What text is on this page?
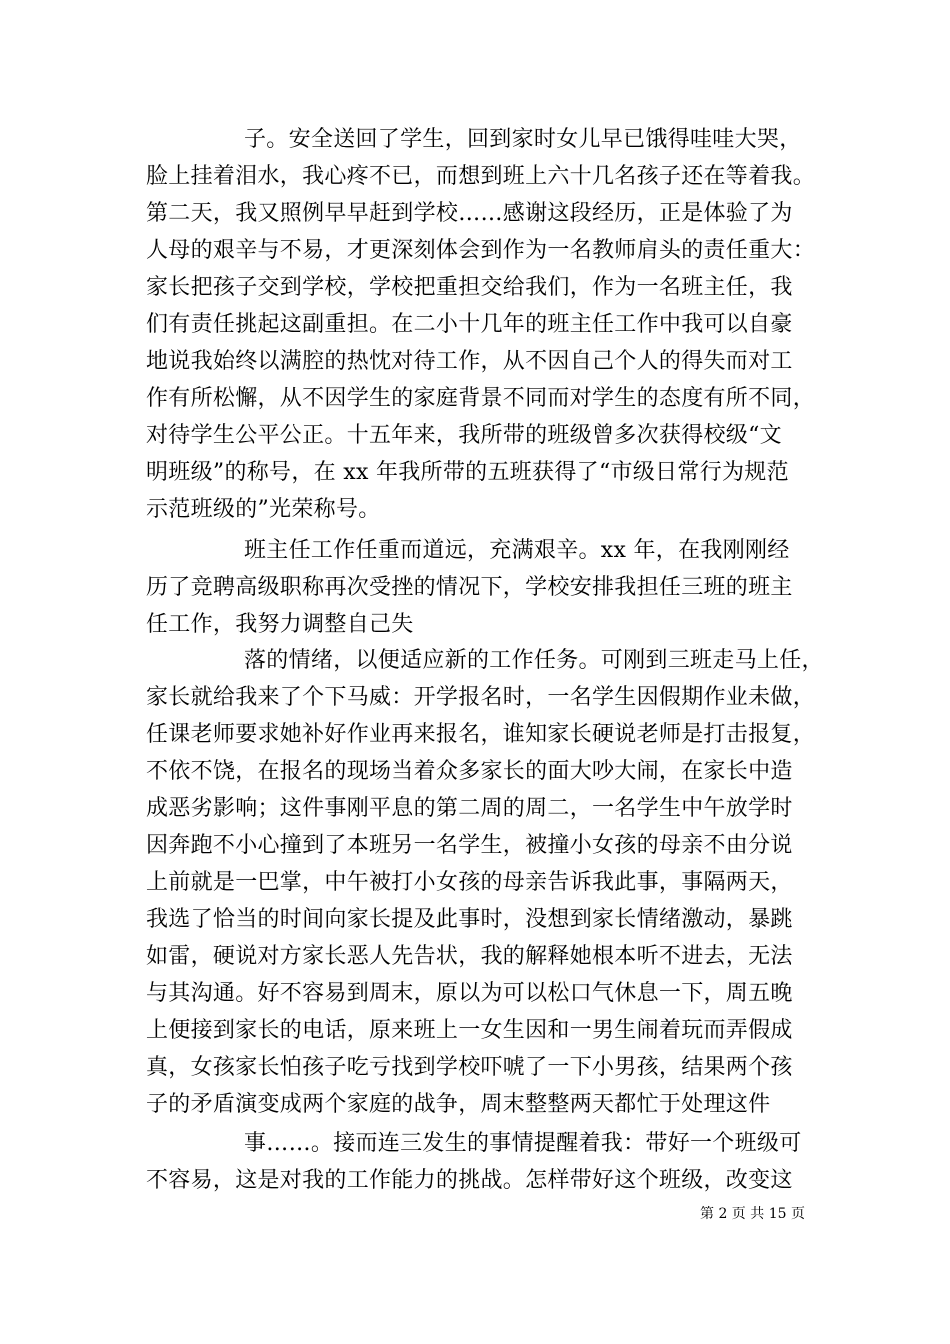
子。安全送回了学生，回到家时女儿早已饿得哇哇大哭，
脸上挂着泪水，我心疼不已，而想到班上六十几名孩子还在等着我。
第二天，我又照例早早赶到学校……感谢这段经历，正是体验了为
人母的艰辛与不易，才更深刻体会到作为一名教师肩头的责任重大：
家长把孩子交到学校，学校把重担交给我们，作为一名班主任，我
们有责任挑起这副重担。在二小十几年的班主任工作中我可以自豪
地说我始终以满腔的热忱对待工作，从不因自己个人的得失而对工
作有所松懈，从不因学生的家庭背景不同而对学生的态度有所不同，
对待学生公平公正。十五年来，我所带的班级曾多次获得校级“文
明班级”的称号，在 xx 年我所带的五班获得了“市级日常行为规范
示范班级的”光荣称号。
班主任工作任重而道远，充满艰辛。xx 年，在我刚刚经
历了竞聘高级职称再次受挫的情况下，学校安排我担任三班的班主
任工作，我努力调整自己失
落的情绪，以便适应新的工作任务。可刚到三班走马上任，
家长就给我来了个下马威：开学报名时，一名学生因假期作业未做，
任课老师要求她补好作业再来报名，谁知家长硬说老师是打击报复，
不依不饶，在报名的现场当着众多家长的面大吵大闹，在家长中造
成恶劣影响；这件事刚平息的第二周的周二，一名学生中午放学时
因奔跑不小心撞到了本班另一名学生，被撞小女孩的母亲不由分说
上前就是一巴掌，中午被打小女孩的母亲告诉我此事，事隔两天，
我选了恰当的时间向家长提及此事时，没想到家长情绪激动，暴跳
如雷，硬说对方家长恶人先告状，我的解释她根本听不进去，无法
与其沟通。好不容易到周末，原以为可以松口气休息一下，周五晚
上便接到家长的电话，原来班上一女生因和一男生闹着玩而弄假成
真，女孩家长怕孩子吃亏找到学校吓唬了一下小男孩，结果两个孩
子的矛盾演变成两个家庭的战争，周末整整两天都忙于处理这件
事……。接而连三发生的事情提醒着我：带好一个班级可
不容易，这是对我的工作能力的挑战。怎样带好这个班级，改变这
第 2 页 共 15 页
